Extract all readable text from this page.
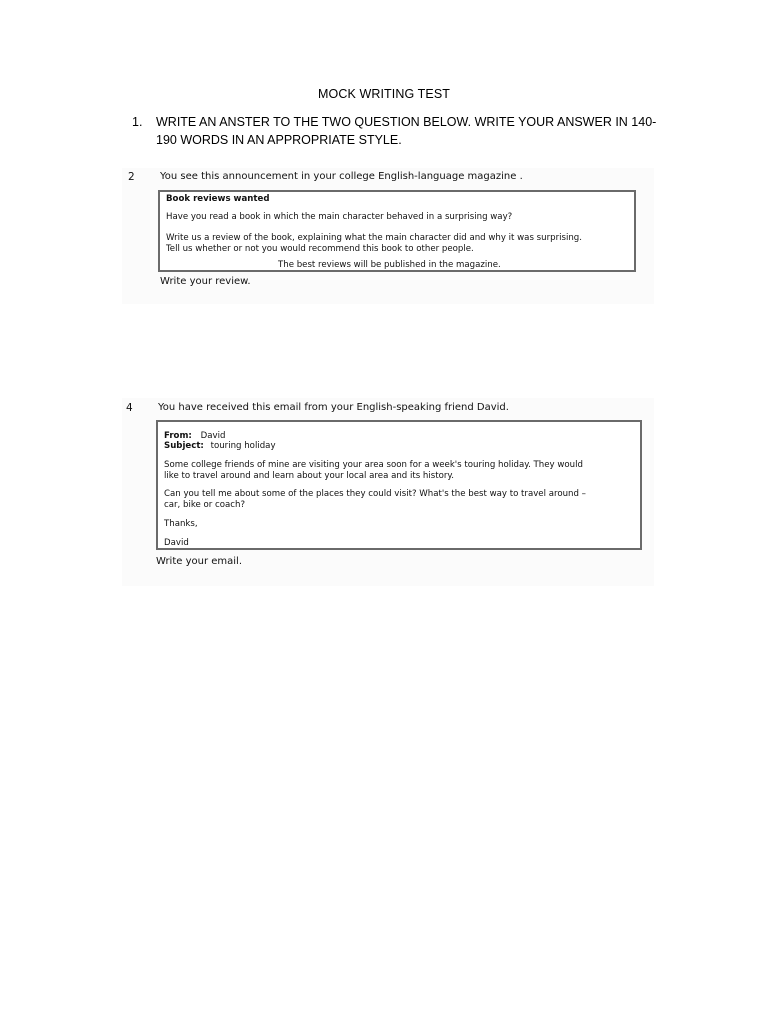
MOCK WRITING TEST
1.	WRITE AN ANSTER TO THE TWO QUESTION BELOW. WRITE YOUR ANSWER IN 140-190 WORDS IN AN APPROPRIATE STYLE.
2	You see this announcement in your college English-language magazine .

Book reviews wanted

Have you read a book in which the main character behaved in a surprising way?

Write us a review of the book, explaining what the main character did and why it was surprising.

Tell us whether or not you would recommend this book to other people.

The best reviews will be published in the magazine.

Write your review.
4	You have received this email from your English-speaking friend David.

From: David

Subject: touring holiday

Some college friends of mine are visiting your area soon for a week's touring holiday. They would

like to travel around and learn about your local area and its history.

Can you tell me about some of the places they could visit? What's the best way to travel around –

car, bike or coach?

Thanks,

David

Write your email.
